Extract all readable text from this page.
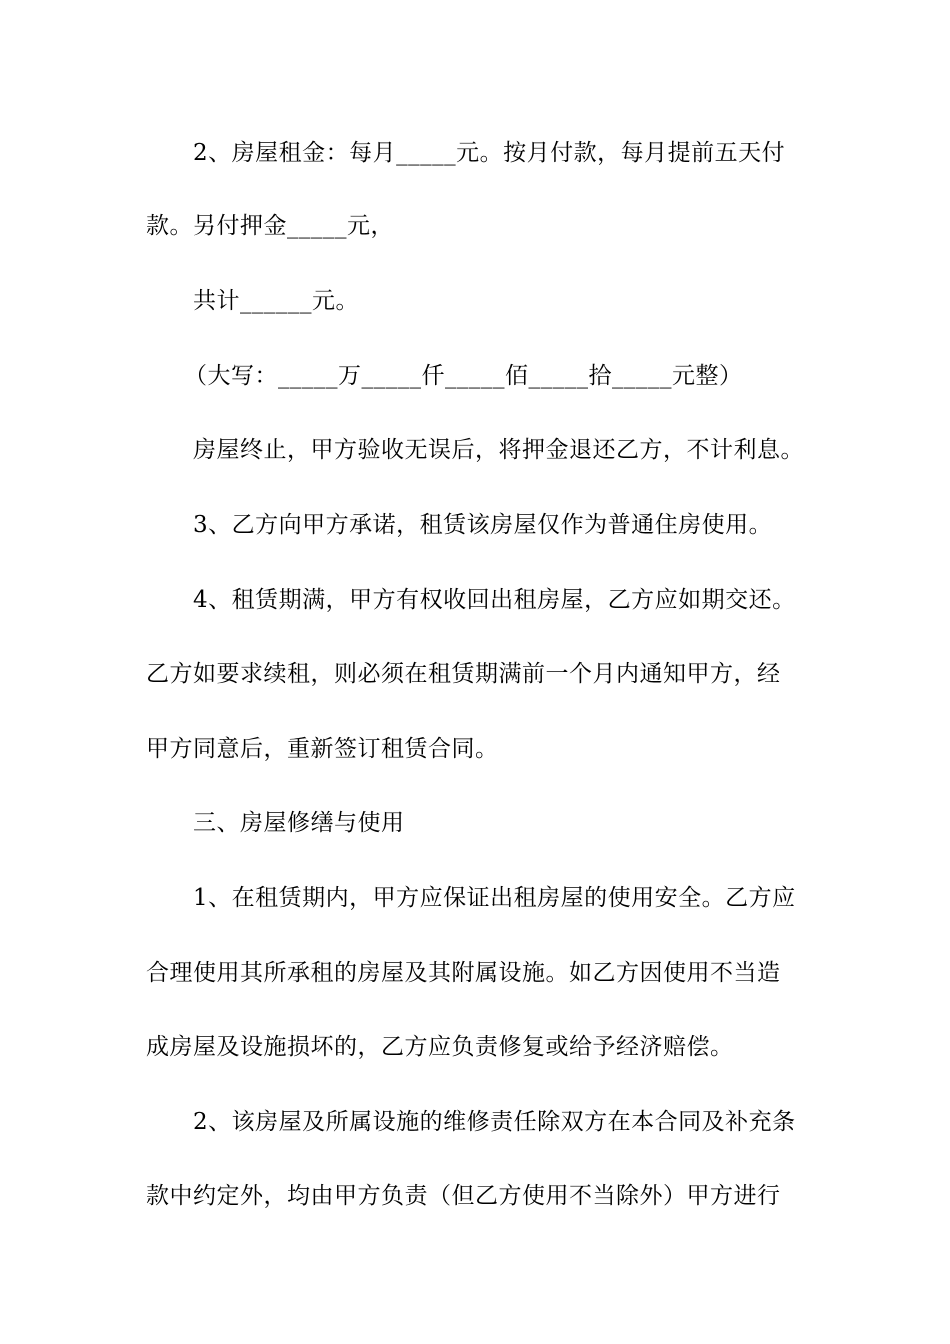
2、房屋租金：每月_____元。按月付款，每月提前五天付
款。另付押金_____元，
共计______元。
（大写：_____万_____仟_____佰_____拾_____元整）
房屋终止，甲方验收无误后，将押金退还乙方，不计利息。
3、乙方向甲方承诺，租赁该房屋仅作为普通住房使用。
4、租赁期满，甲方有权收回出租房屋，乙方应如期交还。
乙方如要求续租，则必须在租赁期满前一个月内通知甲方，经
甲方同意后，重新签订租赁合同。
三、房屋修缮与使用
1、在租赁期内，甲方应保证出租房屋的使用安全。乙方应
合理使用其所承租的房屋及其附属设施。如乙方因使用不当造
成房屋及设施损坏的，乙方应负责修复或给予经济赔偿。
2、该房屋及所属设施的维修责任除双方在本合同及补充条
款中约定外，均由甲方负责（但乙方使用不当除外）甲方进行
